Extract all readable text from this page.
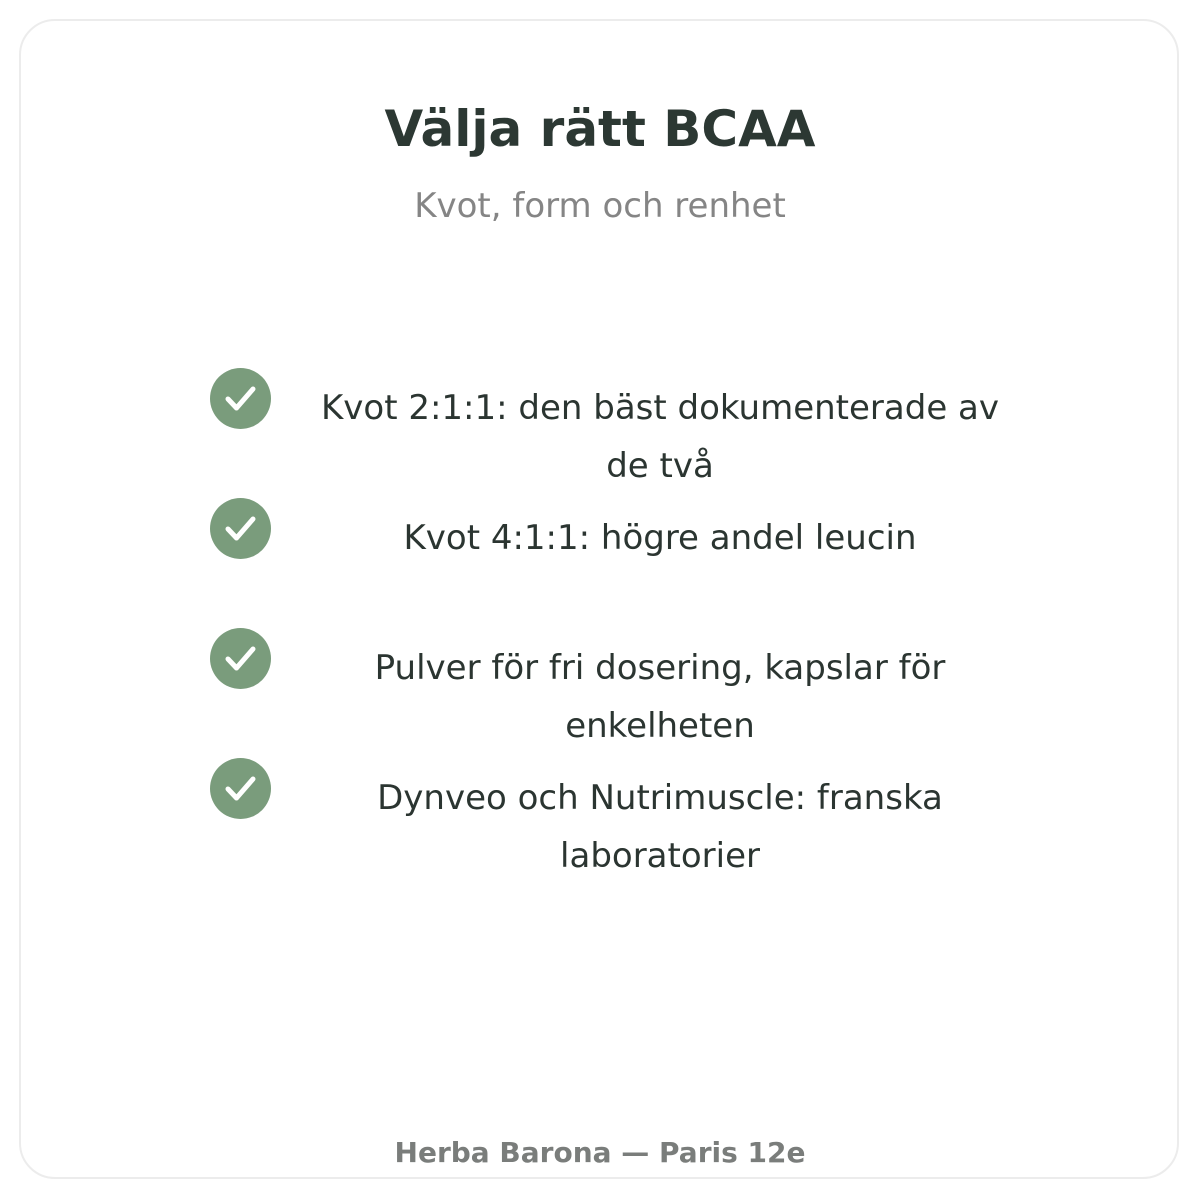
Välja rätt BCAA

Kvot, form och renhet

Kvot 2:1:1: den bäst dokumenterade av de två
Kvot 4:1:1: högre andel leucin
Pulver för fri dosering, kapslar för enkelheten
Dynveo och Nutrimuscle: franska laboratorier

Herba Barona — Paris 12e
